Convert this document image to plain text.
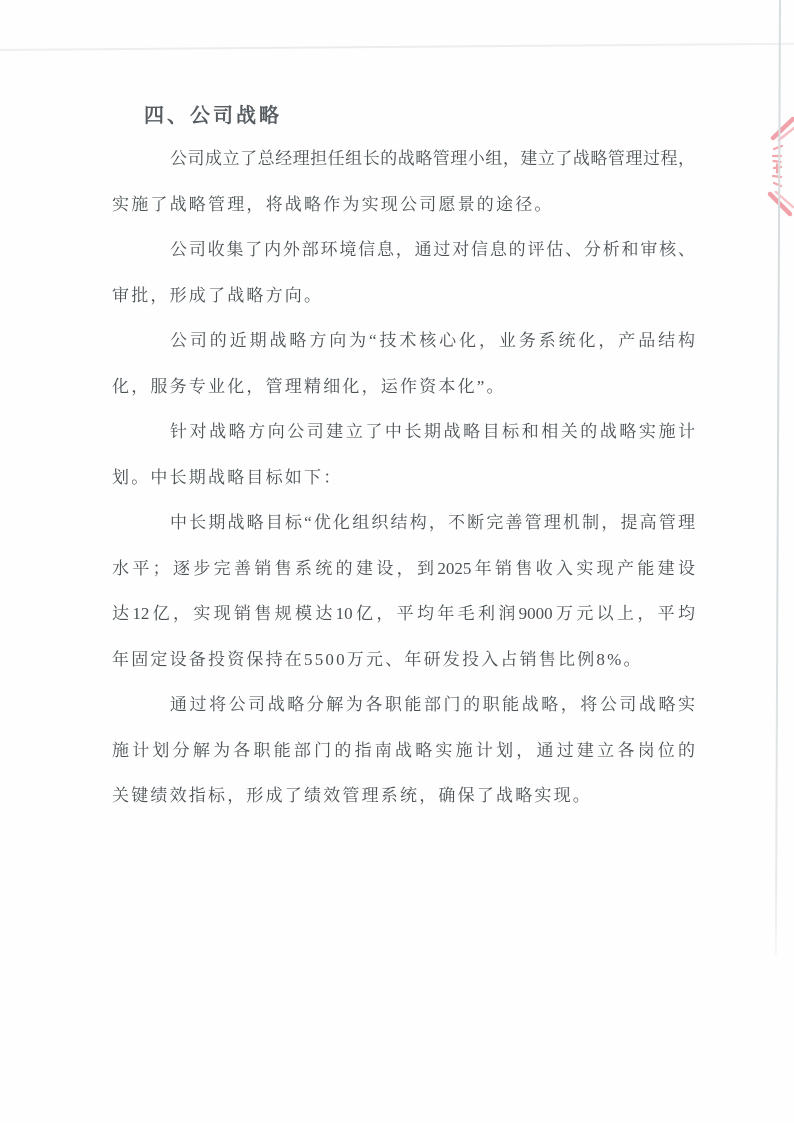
四、公司战略
公司成立了总经理担任组长的战略管理小组，建立了战略管理过程，
实施了战略管理，将战略作为实现公司愿景的途径。
公司收集了内外部环境信息，通过对信息的评估、分析和审核、
审批，形成了战略方向。
公司的近期战略方向为“技术核心化，业务系统化，产品结构
化，服务专业化，管理精细化，运作资本化”。
针对战略方向公司建立了中长期战略目标和相关的战略实施计
划。中长期战略目标如下：
中长期战略目标“优化组织结构，不断完善管理机制，提高管理
水平；逐步完善销售系统的建设，到2025年销售收入实现产能建设
达12亿，实现销售规模达10亿，平均年毛利润9000万元以上，平均
年固定设备投资保持在5500万元、年研发投入占销售比例8%。
通过将公司战略分解为各职能部门的职能战略，将公司战略实
施计划分解为各职能部门的指南战略实施计划，通过建立各岗位的
关键绩效指标，形成了绩效管理系统，确保了战略实现。
